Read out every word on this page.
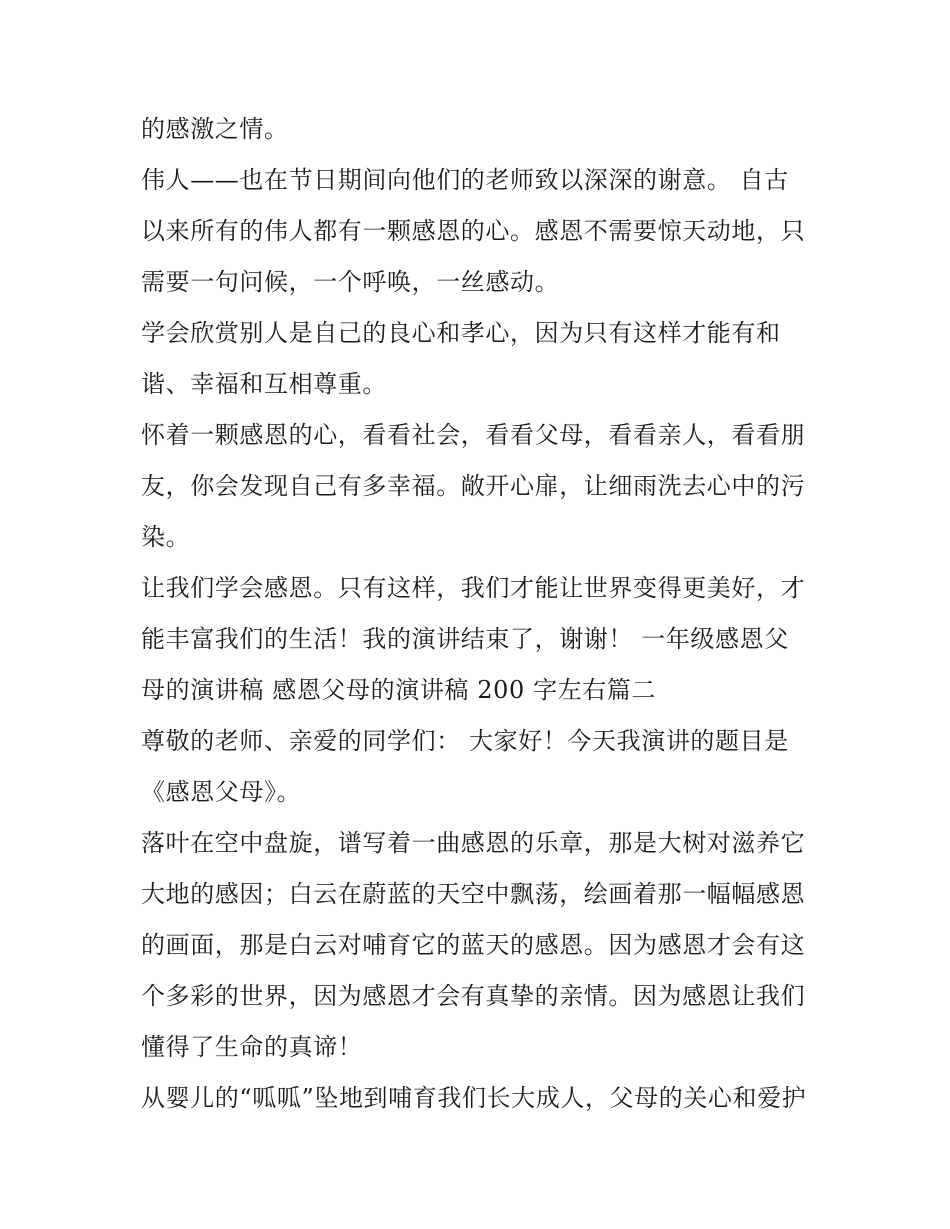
的感激之情。
伟人——也在节日期间向他们的老师致以深深的谢意。 自古
以来所有的伟人都有一颗感恩的心。感恩不需要惊天动地，只
需要一句问候，一个呼唤，一丝感动。
学会欣赏别人是自己的良心和孝心，因为只有这样才能有和
谐、幸福和互相尊重。
怀着一颗感恩的心，看看社会，看看父母，看看亲人，看看朋
友，你会发现自己有多幸福。敞开心扉，让细雨洗去心中的污
染。
让我们学会感恩。只有这样，我们才能让世界变得更美好，才
能丰富我们的生活！我的演讲结束了，谢谢！ 一年级感恩父
母的演讲稿 感恩父母的演讲稿 200 字左右篇二
尊敬的老师、亲爱的同学们： 大家好！今天我演讲的题目是
《感恩父母》。
落叶在空中盘旋，谱写着一曲感恩的乐章，那是大树对滋养它
大地的感因；白云在蔚蓝的天空中飘荡，绘画着那一幅幅感恩
的画面，那是白云对哺育它的蓝天的感恩。因为感恩才会有这
个多彩的世界，因为感恩才会有真挚的亲情。因为感恩让我们
懂得了生命的真谛！
从婴儿的“呱呱”坠地到哺育我们长大成人，父母的关心和爱护
